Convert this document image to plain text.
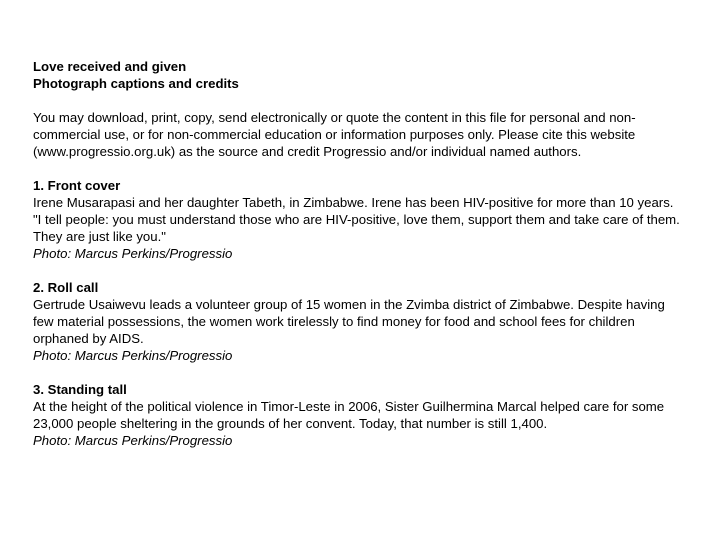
Love received and given

Photograph captions and credits

You may download, print, copy, send electronically or quote the content in this file for personal and non-commercial use, or for non-commercial education or information purposes only. Please cite this website (www.progressio.org.uk) as the source and credit Progressio and/or individual named authors.

1. Front cover

Irene Musarapasi and her daughter Tabeth, in Zimbabwe. Irene has been HIV-positive for more than 10 years. "I tell people: you must understand those who are HIV-positive, love them, support them and take care of them. They are just like you."

Photo: Marcus Perkins/Progressio

2. Roll call

Gertrude Usaiwevu leads a volunteer group of 15 women in the Zvimba district of Zimbabwe. Despite having few material possessions, the women work tirelessly to find money for food and school fees for children orphaned by AIDS.

Photo: Marcus Perkins/Progressio

3. Standing tall

At the height of the political violence in Timor-Leste in 2006, Sister Guilhermina Marcal helped care for some 23,000 people sheltering in the grounds of her convent. Today, that number is still 1,400.

Photo: Marcus Perkins/Progressio
